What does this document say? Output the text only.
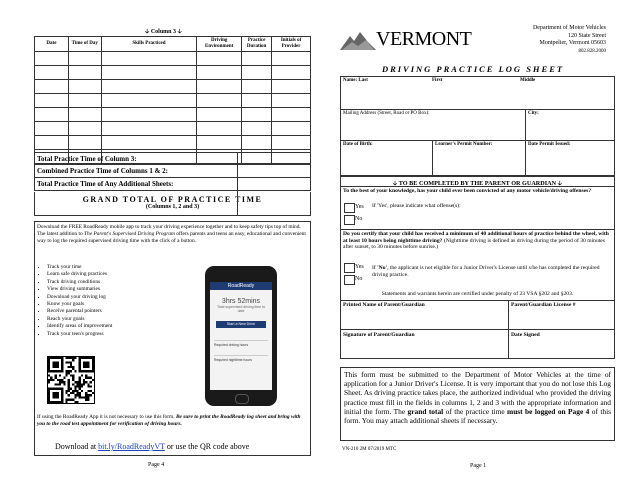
🡣 Column 3 🡣
Date	Time of Day	Skills Practiced	Driving Environment	Practice Duration	Initials of Provider

Total Practice Time of Column 3:
Combined Practice Time of Columns 1 & 2:
Total Practice Time of Any Additional Sheets:
GRAND TOTAL OF PRACTICE TIME
(Columns 1, 2 and 3)

Download the FREE RoadReady mobile app to track your driving experience together and to keep safety tips top of mind. The latest addition to The Parent's Supervised Driving Program offers parents and teens an easy, educational and convenient way to log the required supervised driving time with the click of a button.

• Track your time
• Learn safe driving practices
• Track driving conditions
• View driving summaries
• Download your driving log
• Know your goals
• Receive parental pointers
• Reach your goals
• Identify areas of improvement
• Track your teen's progress
RoadReady
3hrs 52mins
Total supervised driving time to date
Start a New Drive
Required driving hours
Required nighttime hours

If using the RoadReady App it is not necessary to use this form. Be sure to print the RoadReady log sheet and bring with you to the road test appointment for verification of driving hours.

Download at bit.ly/RoadReadyVT or use the QR code above

Page 4
VERMONT	Department of Motor Vehicles
120 State Street
Montpelier, Vermont 05603
802.828.2000
DRIVING PRACTICE LOG SHEET
Name: Last	First	Middle
Mailing Address (Street, Road or PO Box):	City:
Date of Birth:	Learner's Permit Number:	Date Permit Issued:
🡣 TO BE COMPLETED BY THE PARENT OR GUARDIAN 🡣
To the best of your knowledge, has your child ever been convicted of any motor vehicle/driving offenses?
Yes
No
If 'Yes', please indicate what offense(s):
Do you certify that your child has received a minimum of 40 additional hours of practice behind the wheel, with at least 10 hours being nighttime driving? (Nighttime driving is defined as driving during the period of 30 minutes after sunset, to 30 minutes before sunrise.)
Yes
No
If 'No', the applicant is not eligible for a Junior Driver's License until s/he has completed the required driving practice.
Statements and warrants herein are certified under penalty of 23 VSA §202 and §203.
Printed Name of Parent/Guardian	Parent/Guardian License #
Signature of Parent/Guardian	Date Signed
This form must be submitted to the Department of Motor Vehicles at the time of application for a Junior Driver's License. It is very important that you do not lose this Log Sheet. As driving practice takes place, the authorized individual who provided the driving practice must fill in the fields in columns 1, 2 and 3 with the appropriate information and initial the form. The grand total of the practice time must be logged on Page 4 of this form. You may attach additional sheets if necessary.
VN-210 2M 07/2019 MTC
Page 1
